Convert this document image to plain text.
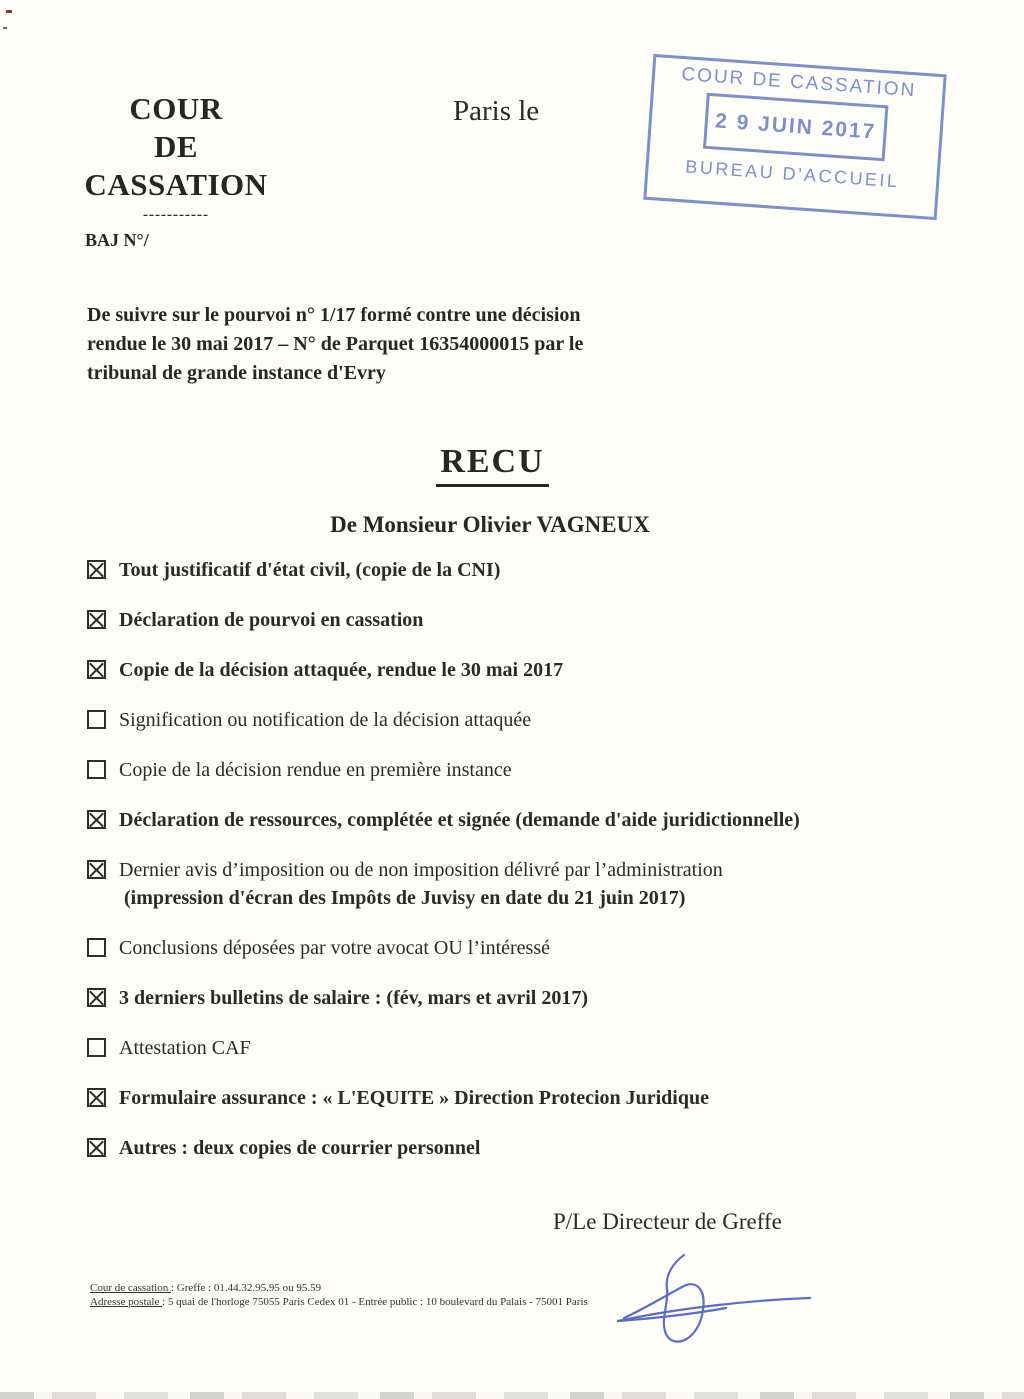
COUR
DE
CASSATION
-----------
BAJ N°/
Paris le
COUR DE CASSATION
2 9 JUIN 2017
BUREAU D'ACCUEIL
De suivre sur le pourvoi n° 1/17 formé contre une décision rendue le 30 mai 2017 – N° de Parquet 16354000015 par le tribunal de grande instance d'Evry
RECU
De Monsieur Olivier VAGNEUX
Tout justificatif d'état civil, (copie de la CNI)
Déclaration de pourvoi en cassation
Copie de la décision attaquée, rendue le 30 mai 2017
Signification ou notification de la décision attaquée
Copie de la décision rendue en première instance
Déclaration de ressources, complétée et signée (demande d'aide juridictionnelle)
Dernier avis d’imposition ou de non imposition délivré par l’administration
(impression d'écran des Impôts de Juvisy en date du 21 juin 2017)
Conclusions déposées par votre avocat OU l’intéressé
3 derniers bulletins de salaire : (fév, mars et avril 2017)
Attestation CAF
Formulaire assurance : « L'EQUITE » Direction Protecion Juridique
Autres : deux copies de courrier personnel
P/Le Directeur de Greffe
Cour de cassation : Greffe : 01.44.32.95.95 ou 95.59
Adresse postale : 5 quai de l'horloge 75055 Paris Cedex 01 - Entrée public : 10 boulevard du Palais - 75001 Paris
